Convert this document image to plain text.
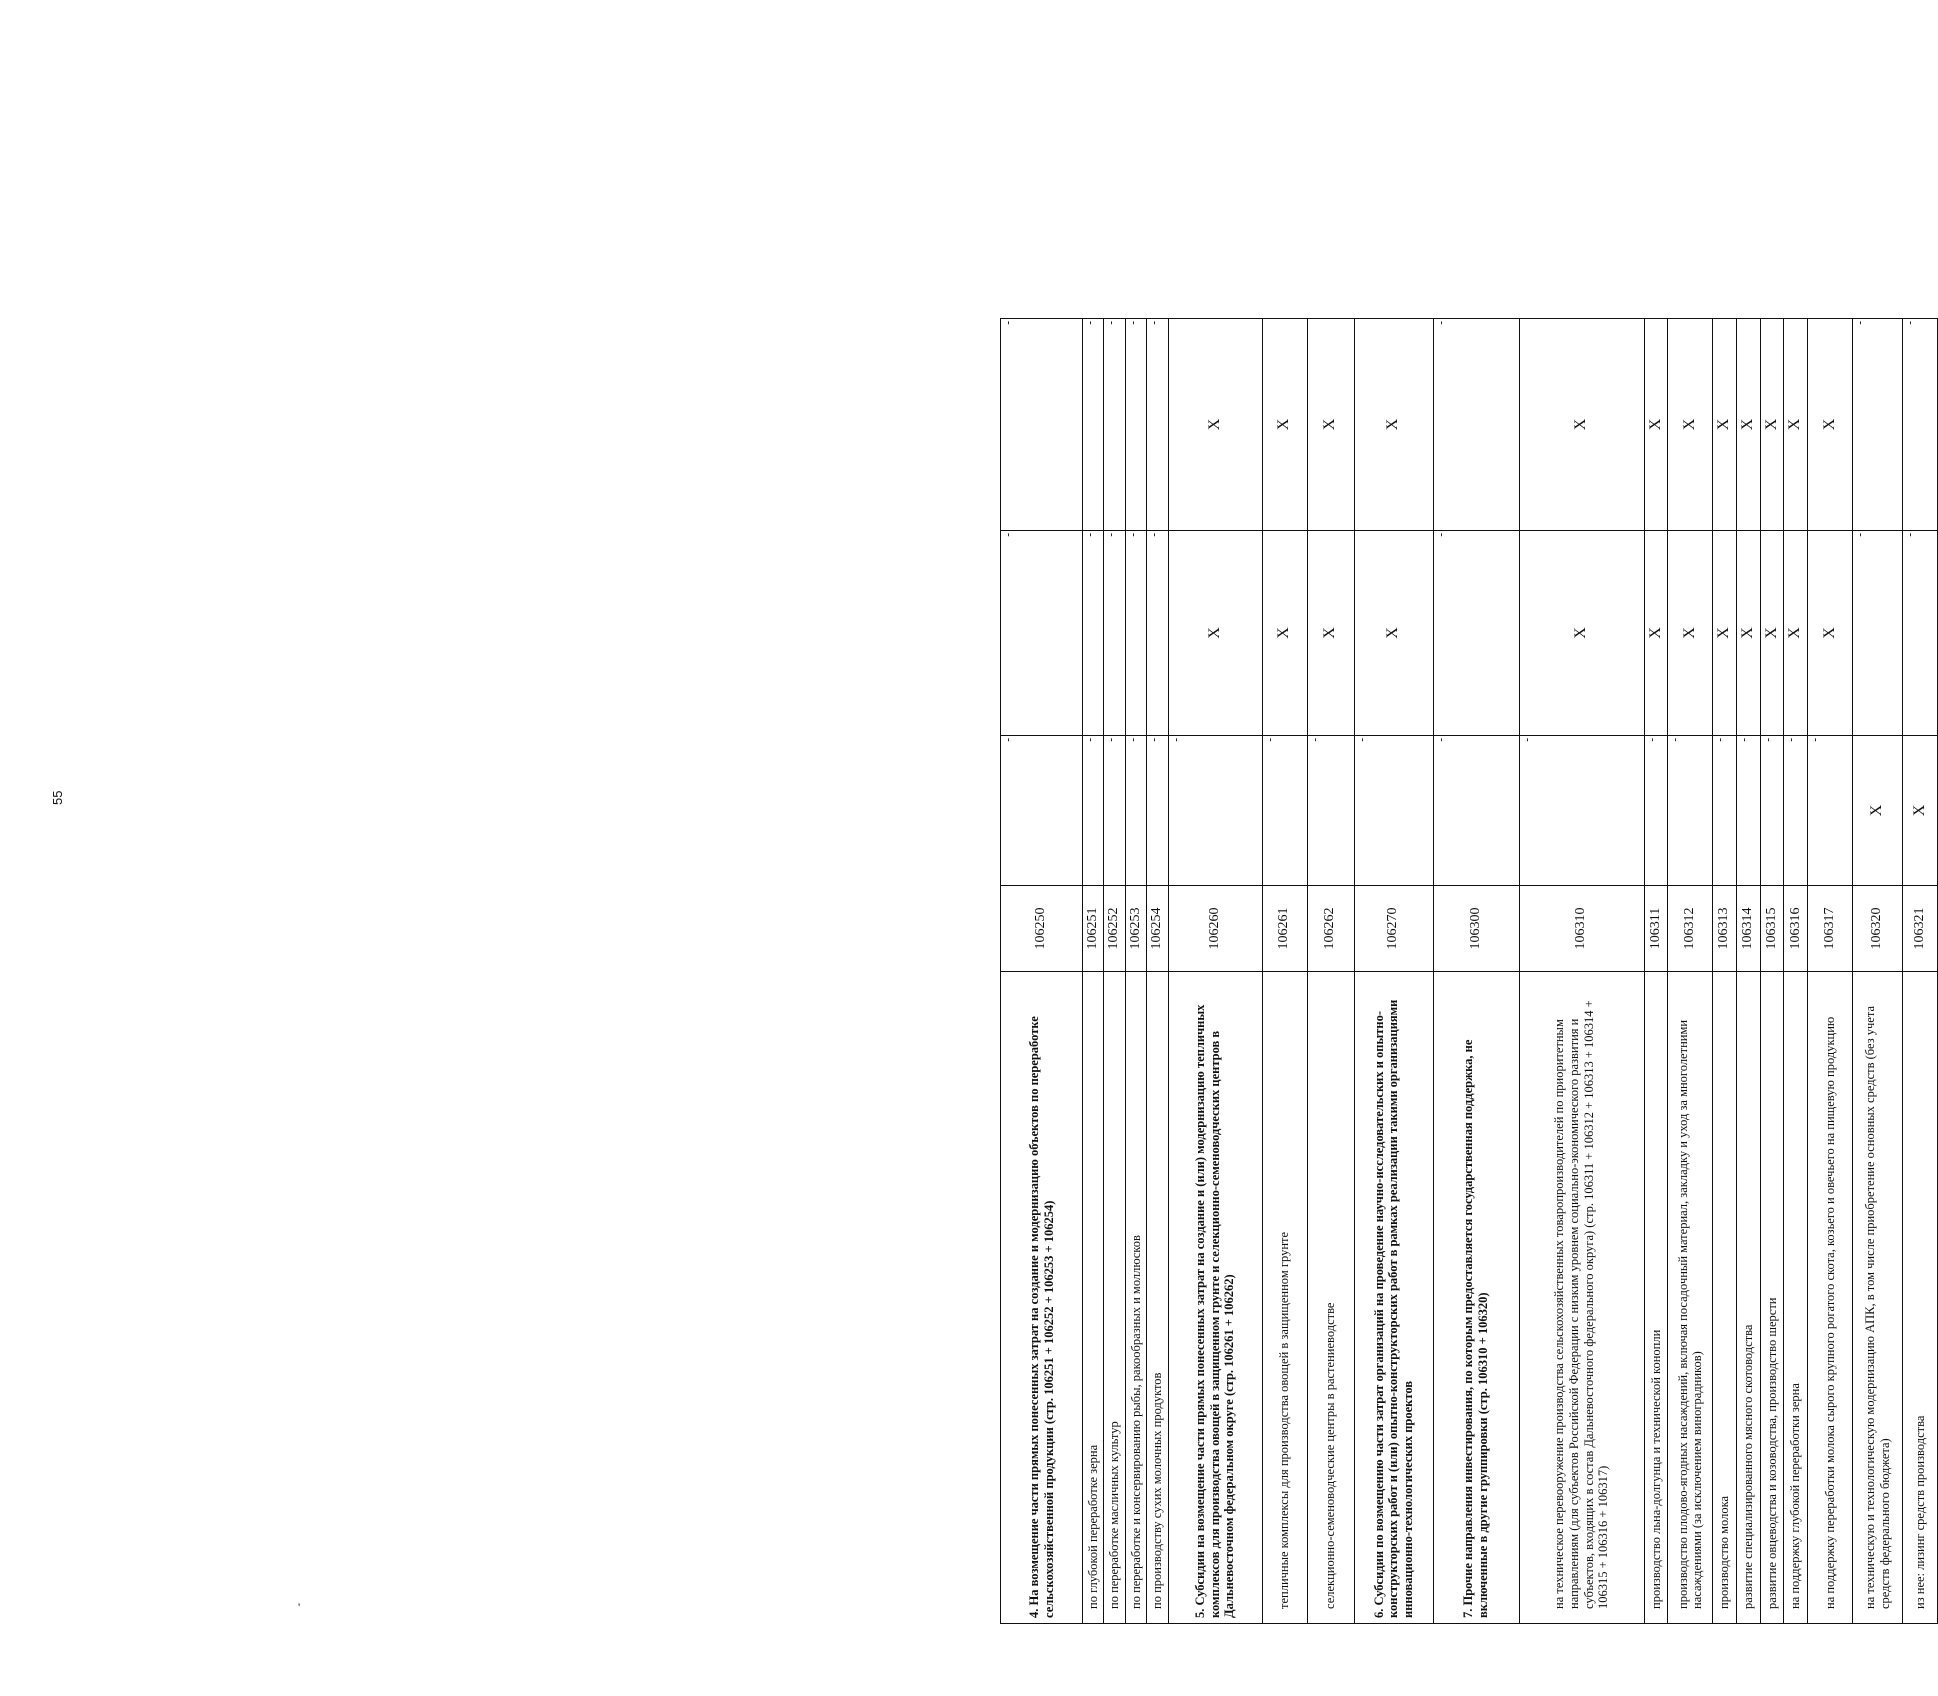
55
'	4. На возмещение части прямых понесенных затрат на создание и модернизацию объектов по переработке сельскохозяйственной продукции (стр. 106251 + 106252 + 106253 + 106254)	106250	-	-	-

по глубокой переработке зерна	106251	-	-	-

по переработке масличных культур	106252	-	-	-

по переработке и консервированию рыбы, ракообразных и моллюсков	106253	-	-	-

по производству сухих молочных продуктов	106254	-	-	-

5. Субсидии на возмещение части прямых понесенных затрат на создание и (или) модернизацию тепличных комплексов для производства овощей в защищенном грунте и селекционно-семеноводческих центров в Дальневосточном федеральном округе (стр. 106261 + 106262)	106260	-	X	X

тепличные комплексы для производства овощей в защищенном грунте	106261	-	X	X

селекционно-семеноводческие центры в растениеводстве	106262	-	X	X

6. Субсидии по возмещению части затрат организаций на проведение научно-исследовательских и опытно-конструкторских работ и (или) опытно-конструкторских работ в рамках реализации такими организациями инновационно-технологических проектов	106270	-	X	X

7. Прочие направления инвестирования, по которым предоставляется государственная поддержка, не включенные в другие группировки (стр. 106310 + 106320)	106300	-	-	-

на техническое перевооружение производства сельскохозяйственных товаропроизводителей по приоритетным направлениям (для субъектов Российской Федерации с низким уровнем социально-экономического развития и субъектов, входящих в состав Дальневосточного федерального округа) (стр. 106311 + 106312 + 106313 + 106314 + 106315 + 106316 + 106317)	106310	-	X	X

производство льна-долгунца и технической конопли	106311	-	X	X

производство плодово-ягодных насаждений, включая посадочный материал, закладку и уход за многолетними насаждениями (за исключением виноградников)	106312	-	X	X

производство молока	106313	-	X	X

развитие специализированного мясного скотоводства	106314	-	X	X

развитие овцеводства и козоводства, производство шерсти	106315	-	X	X

на поддержку глубокой переработки зерна	106316	-	X	X

на поддержку переработки молока сырого крупного рогатого скота, козьего и овечьего на пищевую продукцию	106317	-	X	X

на техническую и технологическую модернизацию АПК, в том числе приобретение основных средств (без учета средств федерального бюджета)	106320	X	-	-

из нее: лизинг средств производства	106321	X	-	-
